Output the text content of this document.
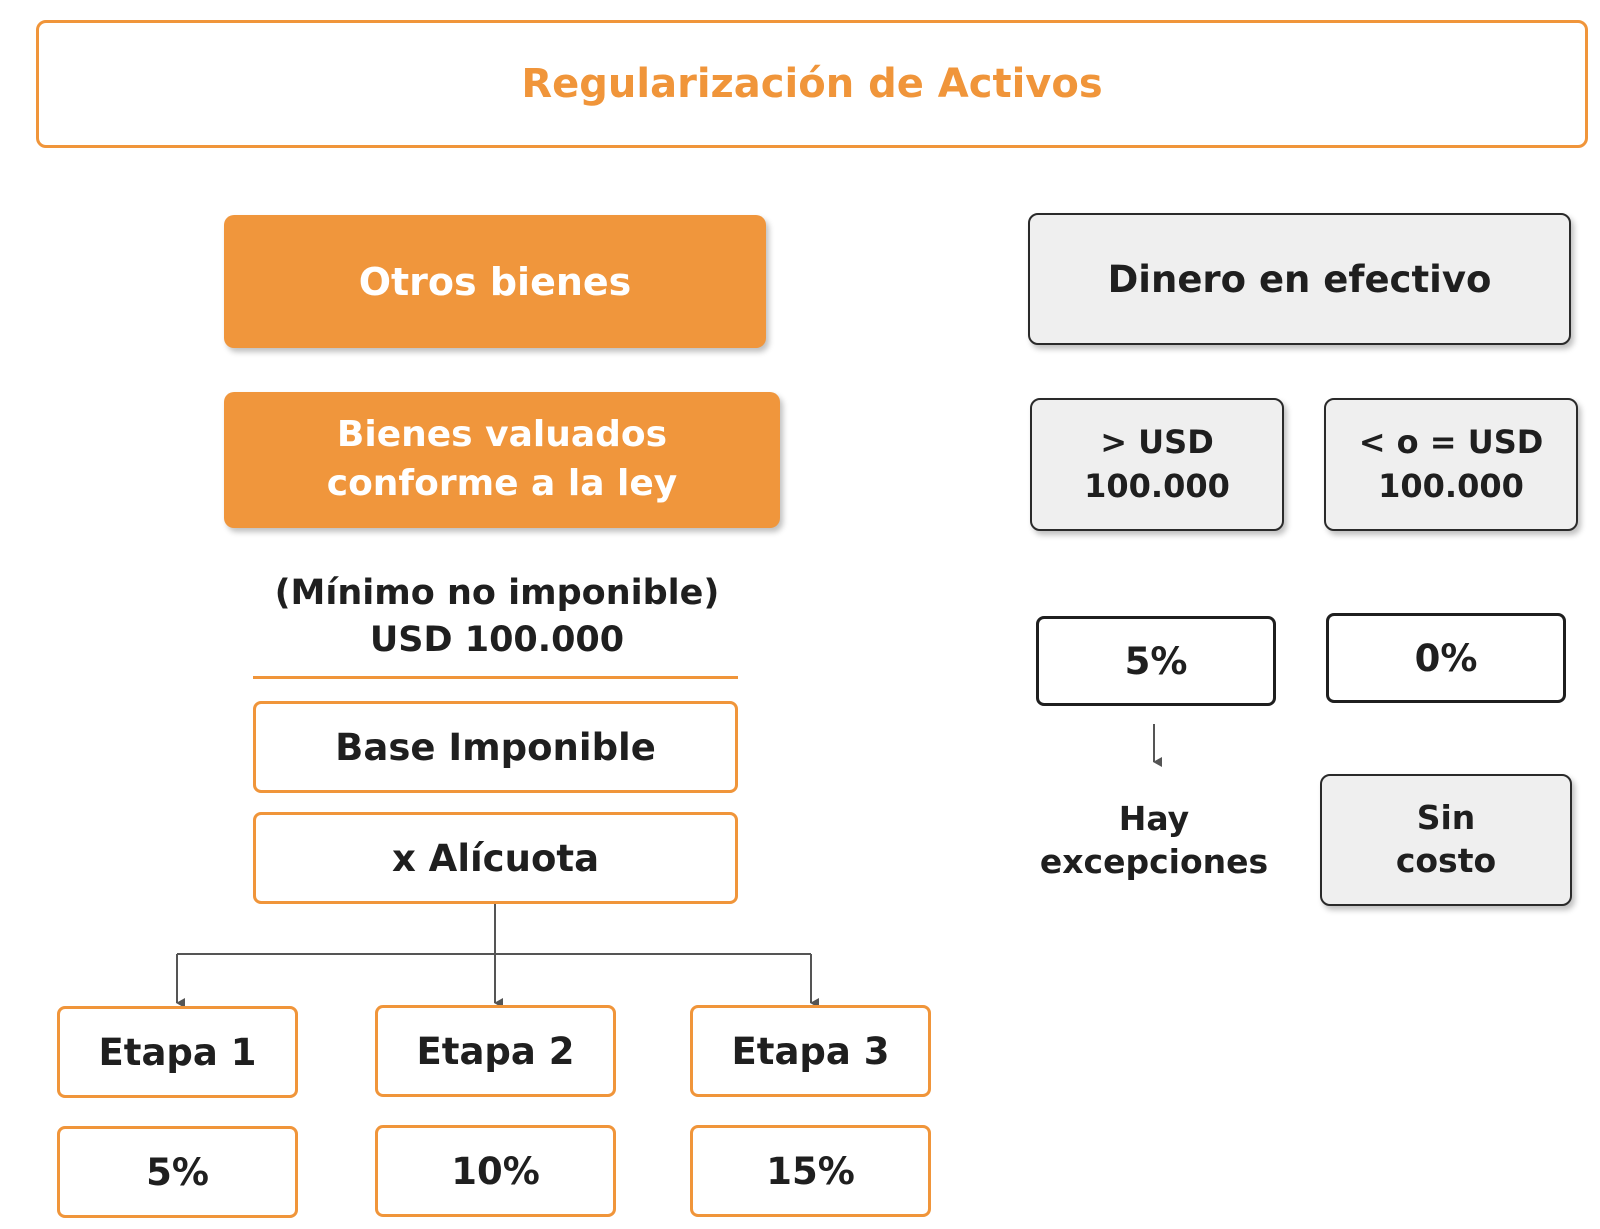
Regularización de Activos
Otros bienes
Bienes valuados
conforme a la ley
(Mínimo no imponible)
USD 100.000
Base Imponible
x Alícuota
Etapa 1	Etapa 2	Etapa 3
5%	10%	15%
Dinero en efectivo
> USD
100.000
< o = USD
100.000
5%	0%
Hay
excepciones
Sin
costo
